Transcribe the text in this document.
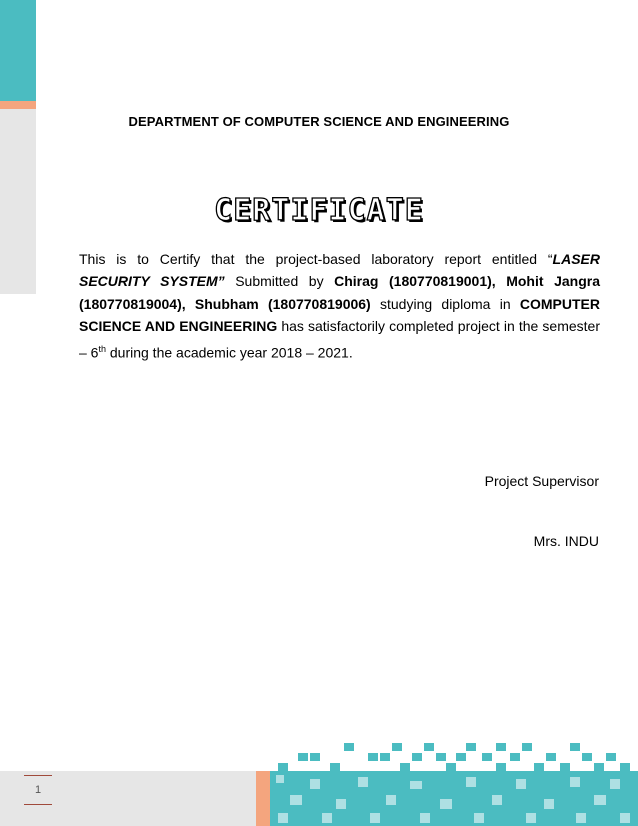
DEPARTMENT OF COMPUTER SCIENCE AND ENGINEERING
CERTIFICATE
This is to Certify that the project-based laboratory report entitled “LASER SECURITY SYSTEM” Submitted by Chirag (180770819001), Mohit Jangra (180770819004), Shubham (180770819006) studying diploma in COMPUTER SCIENCE AND ENGINEERING has satisfactorily completed project in the semester – 6th during the academic year 2018 – 2021.
Project Supervisor
Mrs. INDU
1
